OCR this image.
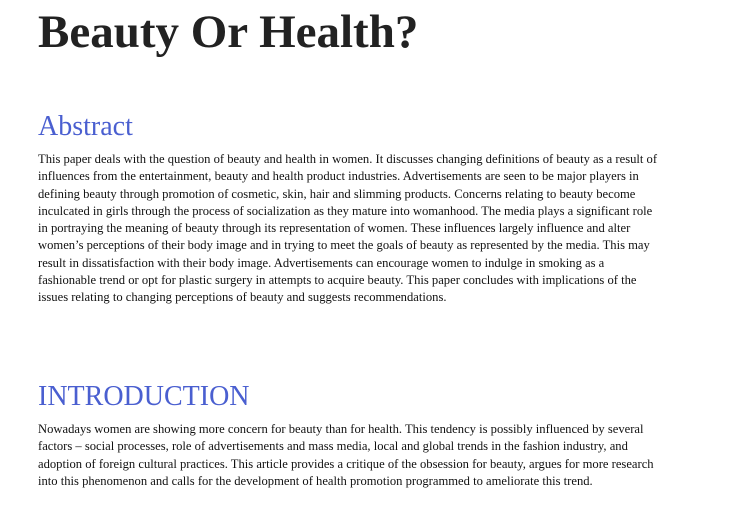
Beauty Or Health?
Abstract

This paper deals with the question of beauty and health in women. It discusses changing definitions of beauty as a result of influences from the entertainment, beauty and health product industries. Advertisements are seen to be major players in defining beauty through promotion of cosmetic, skin, hair and slimming products. Concerns relating to beauty become inculcated in girls through the process of socialization as they mature into womanhood. The media plays a significant role in portraying the meaning of beauty through its representation of women. These influences largely influence and alter women’s perceptions of their body image and in trying to meet the goals of beauty as represented by the media. This may result in dissatisfaction with their body image. Advertisements can encourage women to indulge in smoking as a fashionable trend or opt for plastic surgery in attempts to acquire beauty. This paper concludes with implications of the issues relating to changing perceptions of beauty and suggests recommendations.

INTRODUCTION

Nowadays women are showing more concern for beauty than for health. This tendency is possibly influenced by several factors – social processes, role of advertisements and mass media, local and global trends in the fashion industry, and adoption of foreign cultural practices. This article provides a critique of the obsession for beauty, argues for more research into this phenomenon and calls for the development of health promotion programmed to ameliorate this trend.
